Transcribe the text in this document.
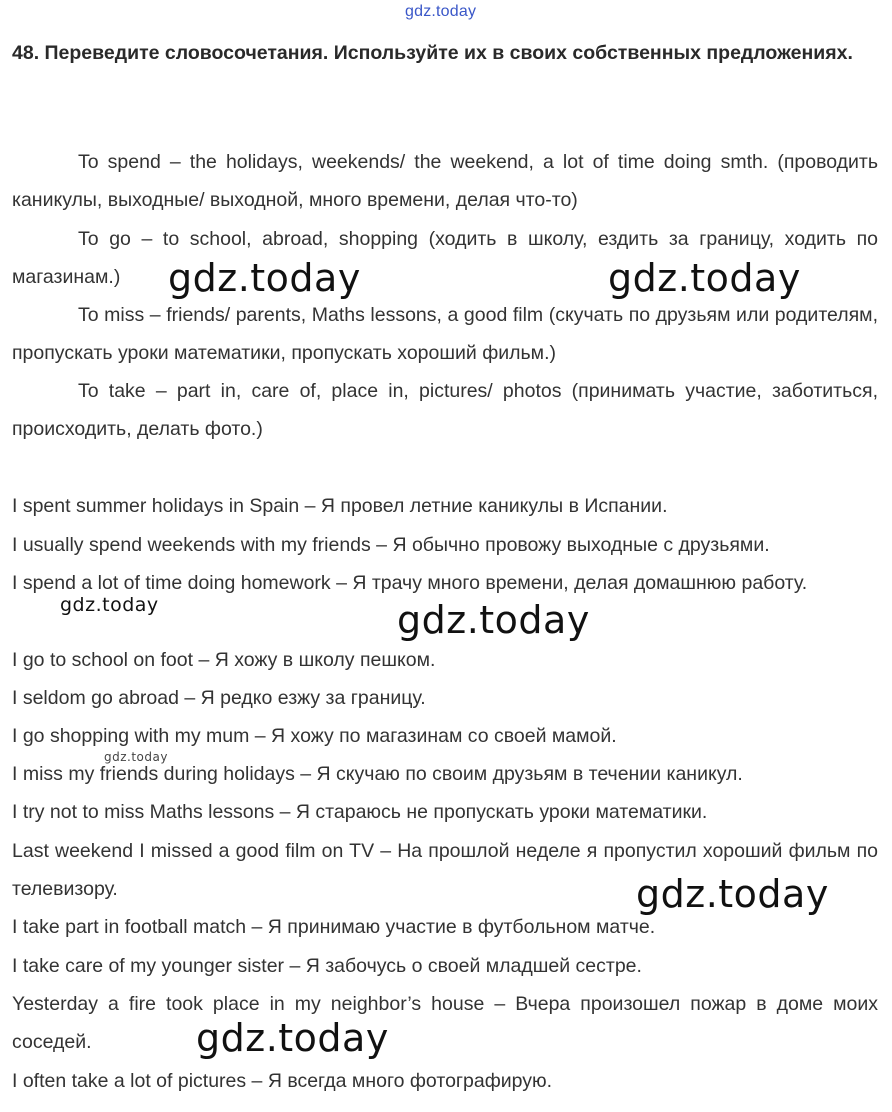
gdz.today
48. Переведите словосочетания. Используйте их в своих собственных предложениях.
To spend – the holidays, weekends/ the weekend, a lot of time doing smth. (проводить каникулы, выходные/ выходной, много времени, делая что-то)
To go – to school, abroad, shopping (ходить в школу, ездить за границу, ходить по магазинам.)
To miss – friends/ parents, Maths lessons, a good film (скучать по друзьям или родителям, пропускать уроки математики, пропускать хороший фильм.)
To take – part in, care of, place in, pictures/ photos (принимать участие, заботиться, происходить, делать фото.)
I spent summer holidays in Spain – Я провел летние каникулы в Испании.
I usually spend weekends with my friends – Я обычно провожу выходные с друзьями.
I spend a lot of time doing homework – Я трачу много времени, делая домашнюю работу.
I go to school on foot – Я хожу в школу пешком.
I seldom go abroad – Я редко езжу за границу.
I go shopping with my mum – Я хожу по магазинам со своей мамой.
I miss my friends during holidays – Я скучаю по своим друзьям в течении каникул.
I try not to miss Maths lessons – Я стараюсь не пропускать уроки математики.
Last weekend I missed a good film on TV – На прошлой неделе я пропустил хороший фильм по телевизору.
I take part in football match – Я принимаю участие в футбольном матче.
I take care of my younger sister – Я забочусь о своей младшей сестре.
Yesterday a fire took place in my neighbor’s house – Вчера произошел пожар в доме моих соседей.
I often take a lot of pictures – Я всегда много фотографирую.
gdz.today	gdz.today
gdz.today	gdz.today
gdz.today
gdz.today
gdz.today
